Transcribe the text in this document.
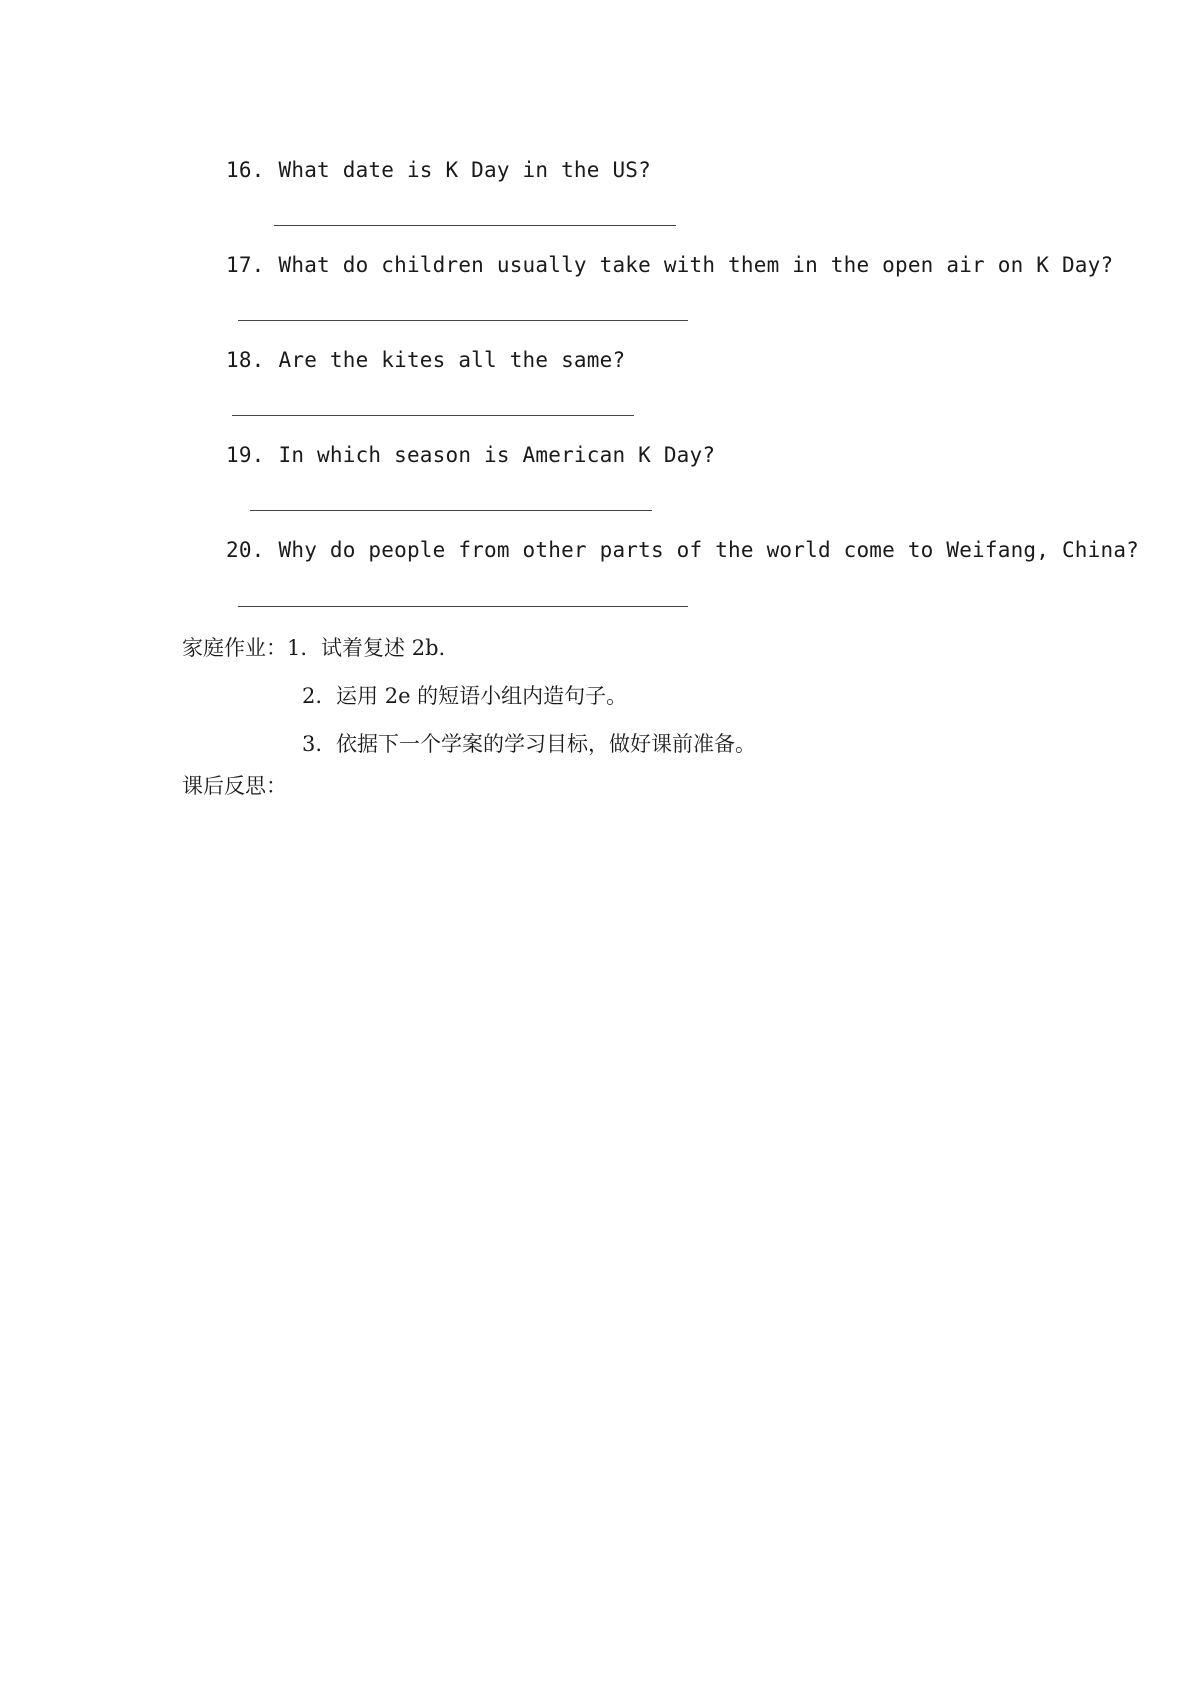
16. What date is K Day in the US?
17. What do children usually take with them in the open air on K Day?
18. Are the kites all the same?
19. In which season is American K Day?
20. Why do people from other parts of the world come to Weifang, China?
家庭作业：1. 试着复述 2b.
2. 运用 2e 的短语小组内造句子。
3. 依据下一个学案的学习目标，做好课前准备。
课后反思：
